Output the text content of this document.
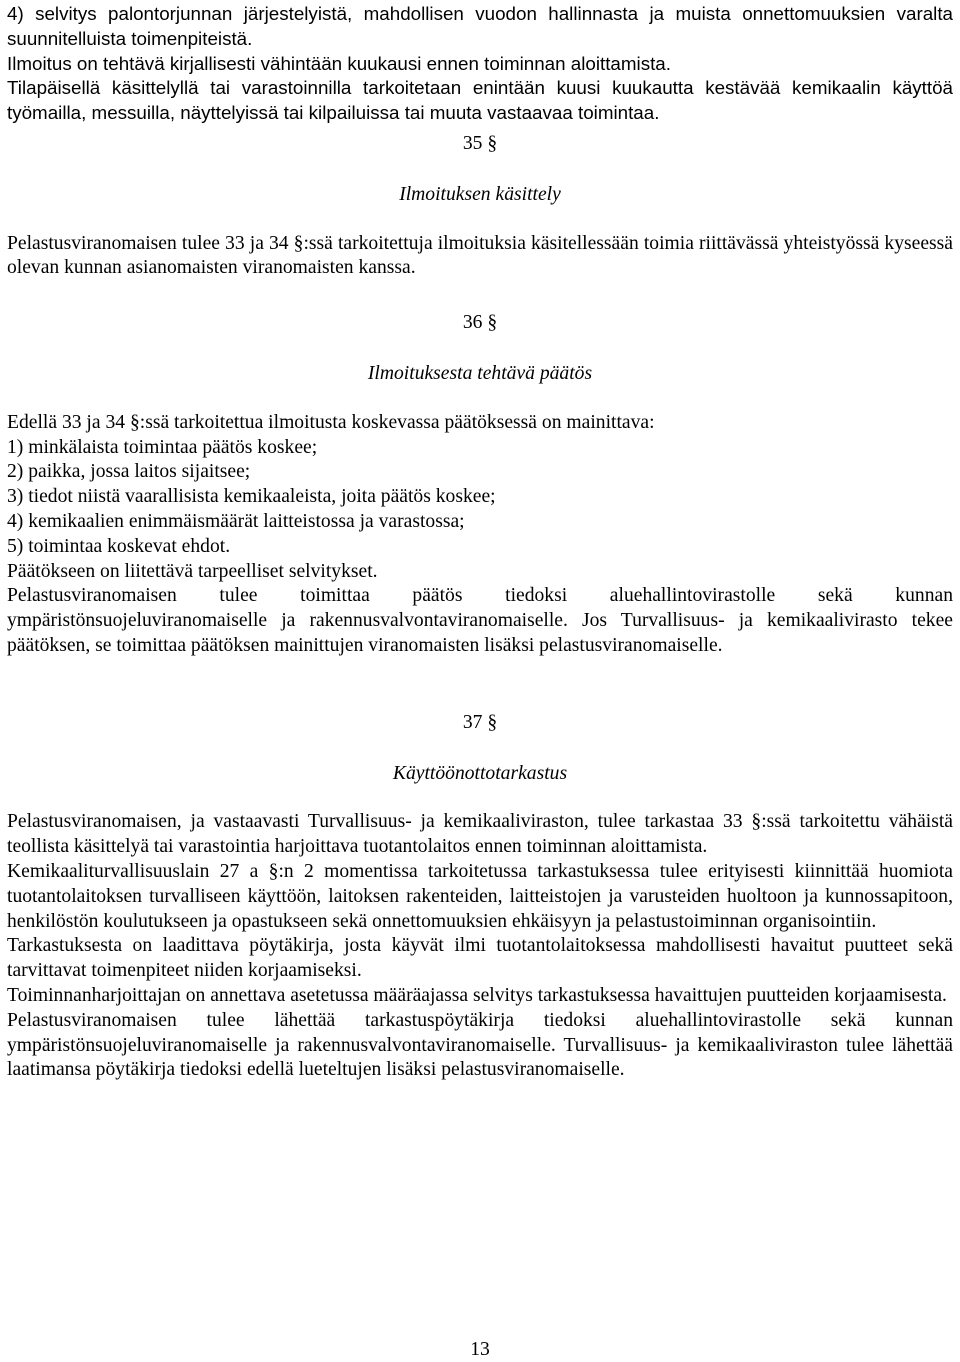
4) selvitys palontorjunnan järjestelyistä, mahdollisen vuodon hallinnasta ja muista onnettomuuksien varalta suunnitelluista toimenpiteistä.

Ilmoitus on tehtävä kirjallisesti vähintään kuukausi ennen toiminnan aloittamista.

Tilapäisellä käsittelyllä tai varastoinnilla tarkoitetaan enintään kuusi kuukautta kestävää kemikaalin käyttöä työmailla, messuilla, näyttelyissä tai kilpailuissa tai muuta vastaavaa toimintaa.

35 §

Ilmoituksen käsittely

Pelastusviranomaisen tulee 33 ja 34 §:ssä tarkoitettuja ilmoituksia käsitellessään toimia riittävässä yhteistyössä kyseessä olevan kunnan asianomaisten viranomaisten kanssa.

36 §

Ilmoituksesta tehtävä päätös

Edellä 33 ja 34 §:ssä tarkoitettua ilmoitusta koskevassa päätöksessä on mainittava:

1) minkälaista toimintaa päätös koskee;

2) paikka, jossa laitos sijaitsee;

3) tiedot niistä vaarallisista kemikaaleista, joita päätös koskee;

4) kemikaalien enimmäismäärät laitteistossa ja varastossa;

5) toimintaa koskevat ehdot.

Päätökseen on liitettävä tarpeelliset selvitykset.

Pelastusviranomaisen tulee toimittaa päätös tiedoksi aluehallintovirastolle sekä kunnan ympäristönsuojeluviranomaiselle ja rakennusvalvontaviranomaiselle. Jos Turvallisuus- ja kemikaalivirasto tekee päätöksen, se toimittaa päätöksen mainittujen viranomaisten lisäksi pelastusviranomaiselle.

37 §

Käyttöönottotarkastus

Pelastusviranomaisen, ja vastaavasti Turvallisuus- ja kemikaaliviraston, tulee tarkastaa 33 §:ssä tarkoitettu vähäistä teollista käsittelyä tai varastointia harjoittava tuotantolaitos ennen toiminnan aloittamista.

Kemikaaliturvallisuuslain 27 a §:n 2 momentissa tarkoitetussa tarkastuksessa tulee erityisesti kiinnittää huomiota tuotantolaitoksen turvalliseen käyttöön, laitoksen rakenteiden, laitteistojen ja varusteiden huoltoon ja kunnossapitoon, henkilöstön koulutukseen ja opastukseen sekä onnettomuuksien ehkäisyyn ja pelastustoiminnan organisointiin.

Tarkastuksesta on laadittava pöytäkirja, josta käyvät ilmi tuotantolaitoksessa mahdollisesti havaitut puutteet sekä tarvittavat toimenpiteet niiden korjaamiseksi.

Toiminnanharjoittajan on annettava asetetussa määräajassa selvitys tarkastuksessa havaittujen puutteiden korjaamisesta.

Pelastusviranomaisen tulee lähettää tarkastuspöytäkirja tiedoksi aluehallintovirastolle sekä kunnan ympäristönsuojeluviranomaiselle ja rakennusvalvontaviranomaiselle. Turvallisuus- ja kemikaaliviraston tulee lähettää laatimansa pöytäkirja tiedoksi edellä lueteltujen lisäksi pelastusviranomaiselle.

13
